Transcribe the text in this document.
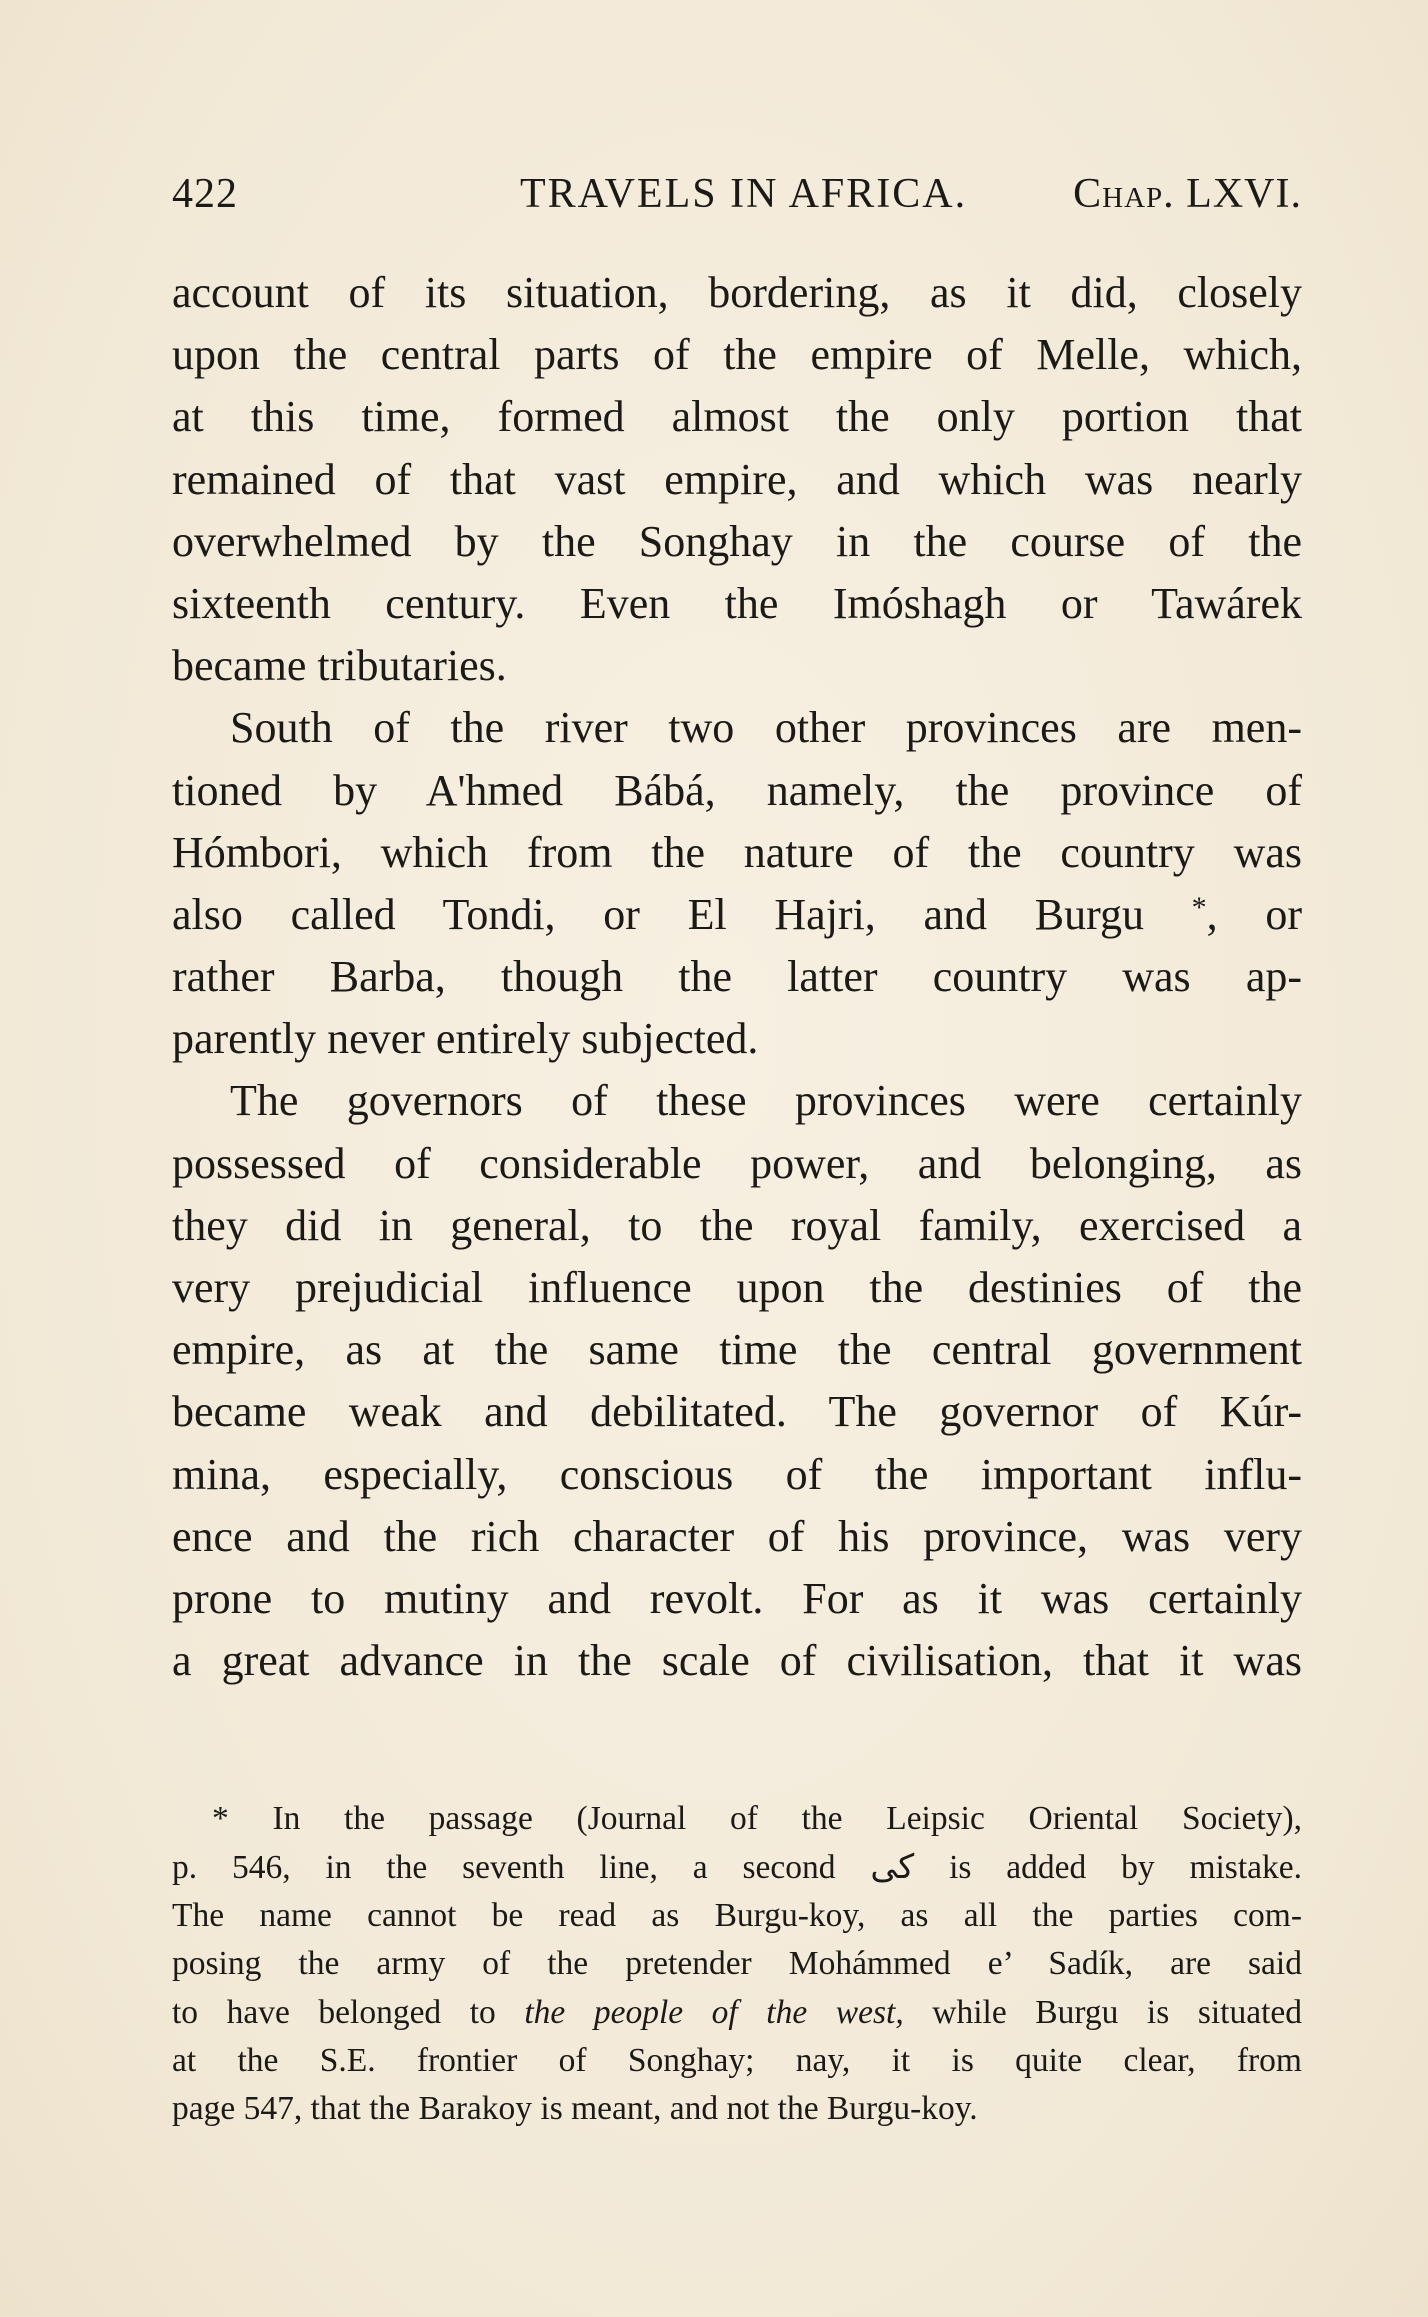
422	TRAVELS IN AFRICA.	Chap. LXVI.
account of its situation, bordering, as it did, closely
upon the central parts of the empire of Melle, which,
at this time, formed almost the only portion that
remained of that vast empire, and which was nearly
overwhelmed by the Songhay in the course of the
sixteenth century. Even the Imóshagh or Tawárek
became tributaries.
South of the river two other provinces are men-
tioned by A'hmed Bábá, namely, the province of
Hómbori, which from the nature of the country was
also called Tondi, or El Hajri, and Burgu *, or
rather Barba, though the latter country was ap-
parently never entirely subjected.
The governors of these provinces were certainly
possessed of considerable power, and belonging, as
they did in general, to the royal family, exercised a
very prejudicial influence upon the destinies of the
empire, as at the same time the central government
became weak and debilitated. The governor of Kúr-
mina, especially, conscious of the important influ-
ence and the rich character of his province, was very
prone to mutiny and revolt. For as it was certainly
a great advance in the scale of civilisation, that it was
* In the passage (Journal of the Leipsic Oriental Society),
p. 546, in the seventh line, a second كى is added by mistake.
The name cannot be read as Burgu-koy, as all the parties com-
posing the army of the pretender Mohámmed e’ Sadík, are said
to have belonged to the people of the west, while Burgu is situated
at the S.E. frontier of Songhay; nay, it is quite clear, from
page 547, that the Barakoy is meant, and not the Burgu-koy.
